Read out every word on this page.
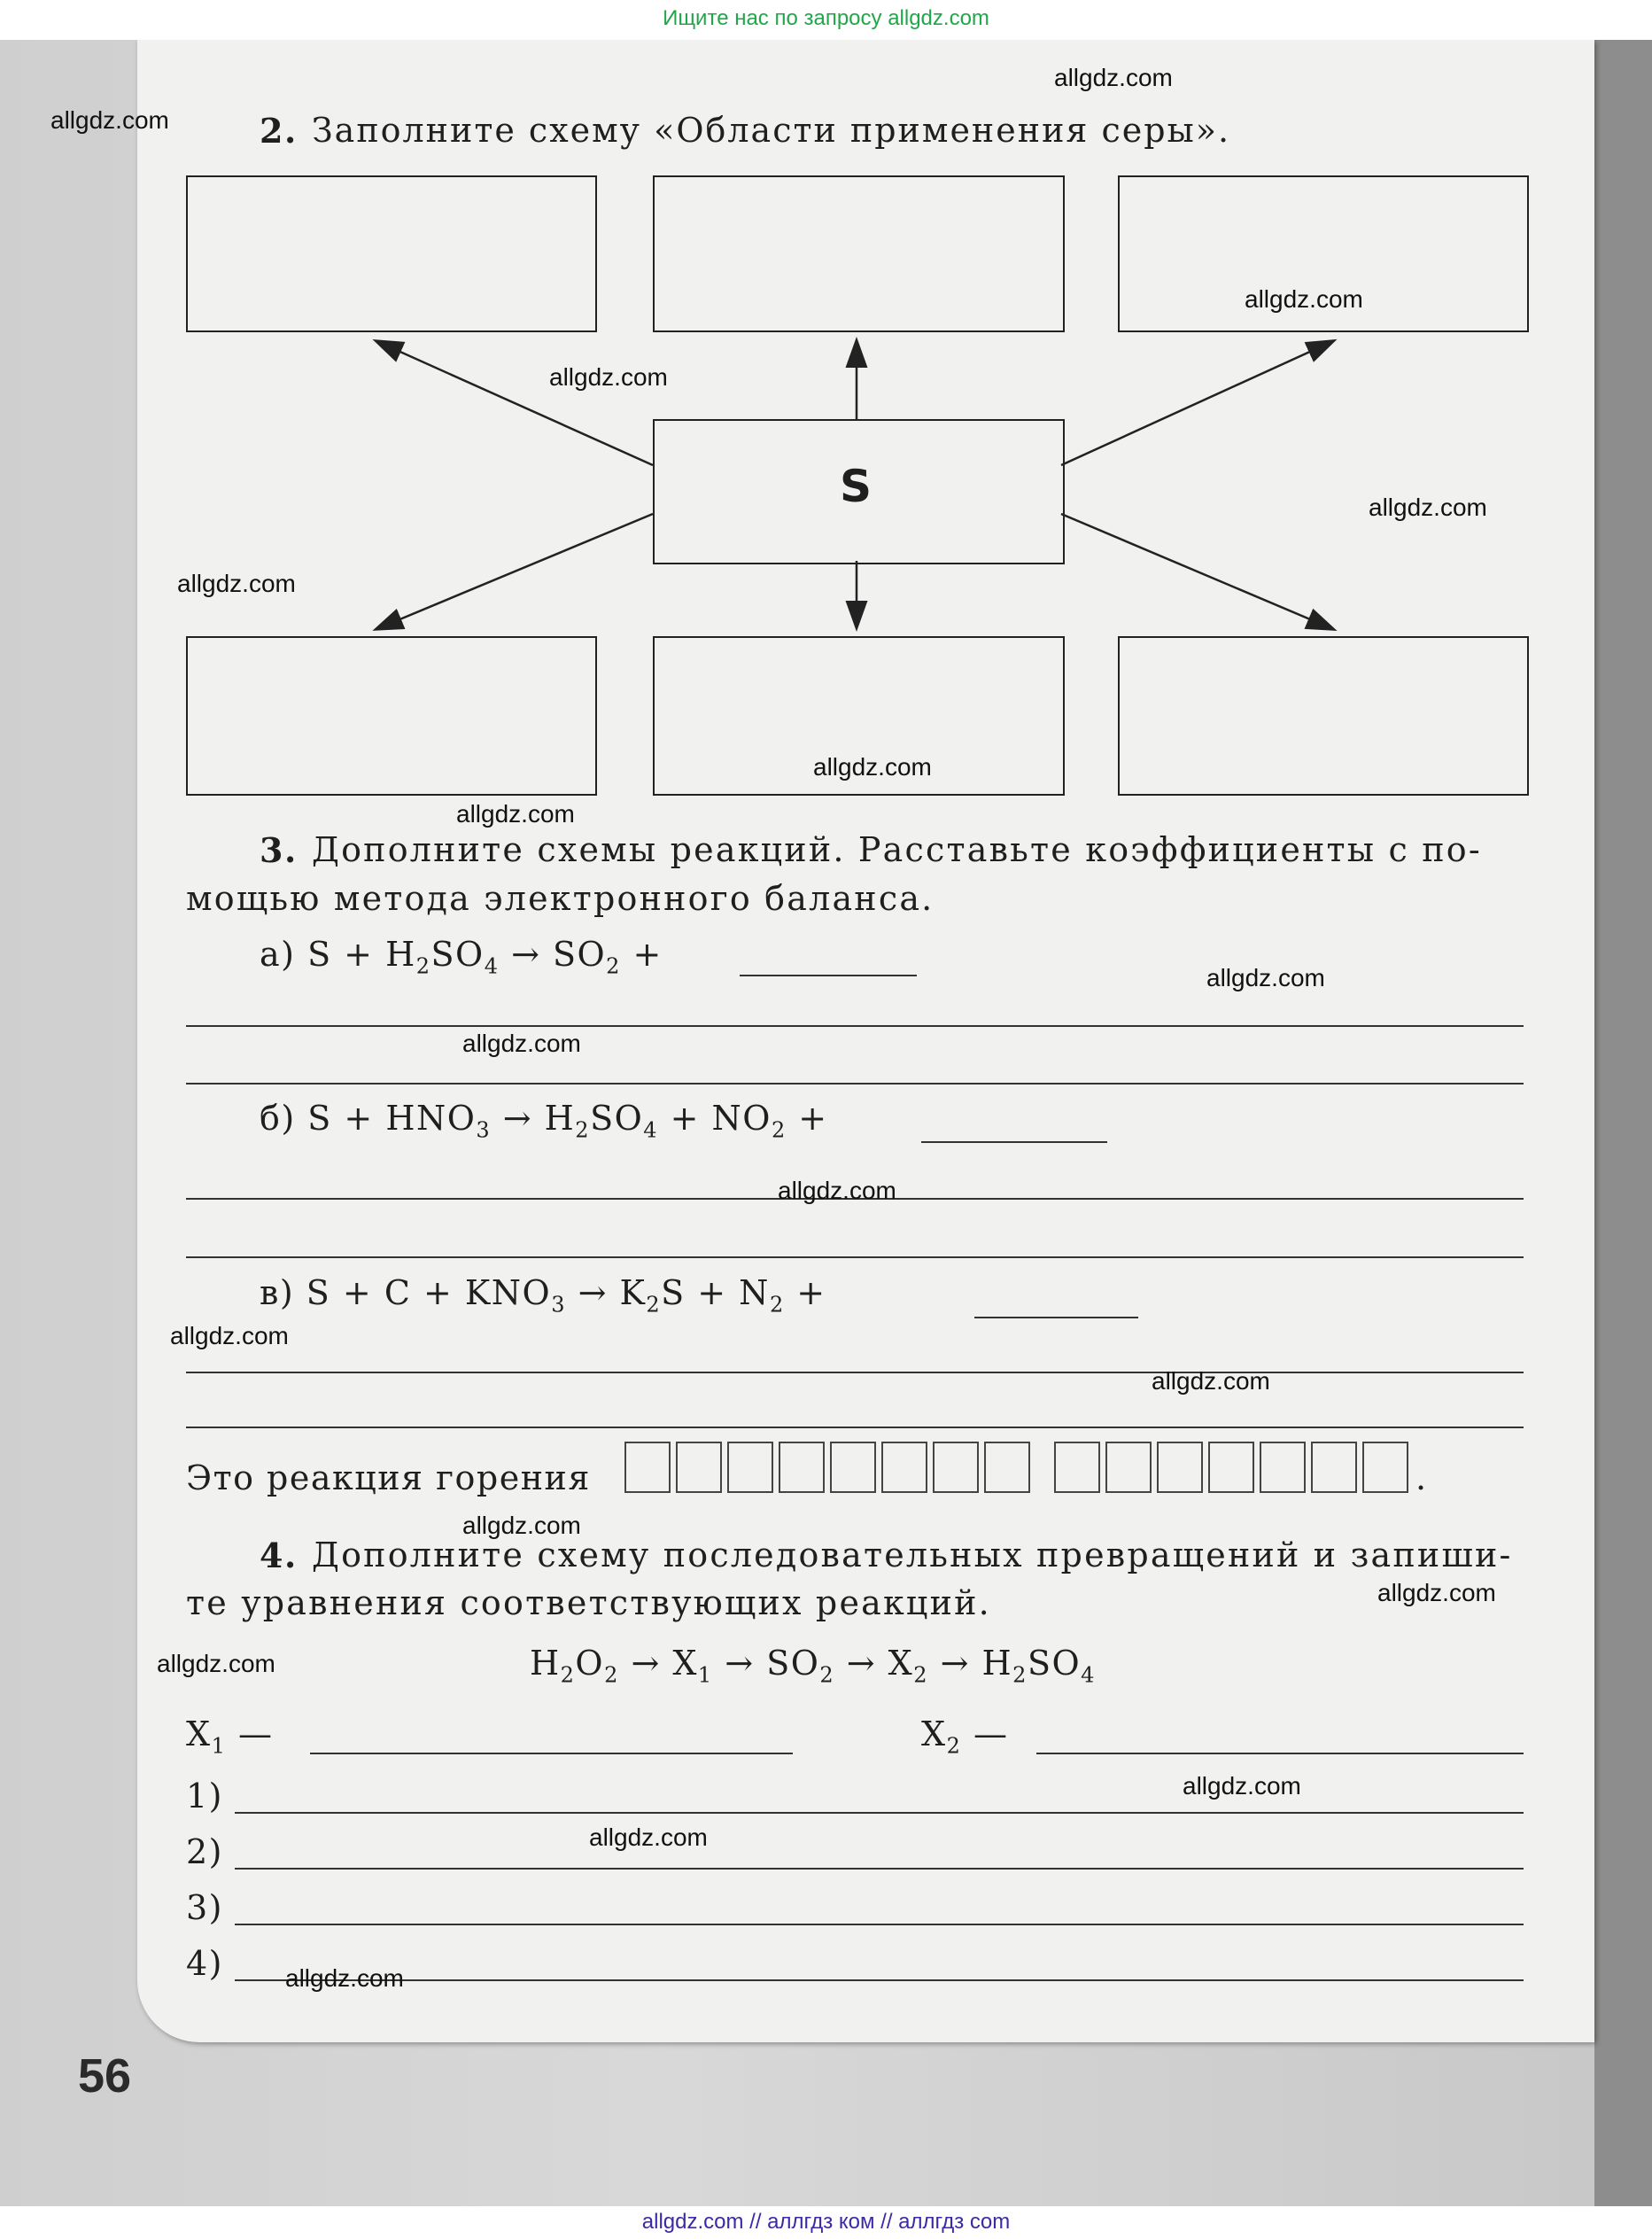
Ищите нас по запросу allgdz.com
allgdz.com // аллгдз ком // аллгдз com
2. Заполните схему «Области применения серы».
S
3. Дополните схемы реакций. Расставьте коэффициенты с по-
мощью метода электронного баланса.
а) $S + H_2SO_4 \to SO_2$ +
б) $S + HNO_3 \to H_2SO_4 + NO_2$ +
в) $S + C + KNO_3 \to K_2S + N_2$ +
Это реакция горения	.
4. Дополните схему последовательных превращений и запиши-
те уравнения соответствующих реакций.
$H_2O_2 \to X_1 \to SO_2 \to X_2 \to H_2SO_4$
$X_1$ —	$X_2$ —
1)
2)
3)
4)
56
allgdz.com
allgdz.com
allgdz.com
allgdz.com
allgdz.com
allgdz.com
allgdz.com
allgdz.com
allgdz.com
allgdz.com
allgdz.com
allgdz.com
allgdz.com
allgdz.com
allgdz.com
allgdz.com
allgdz.com
allgdz.com
allgdz.com
